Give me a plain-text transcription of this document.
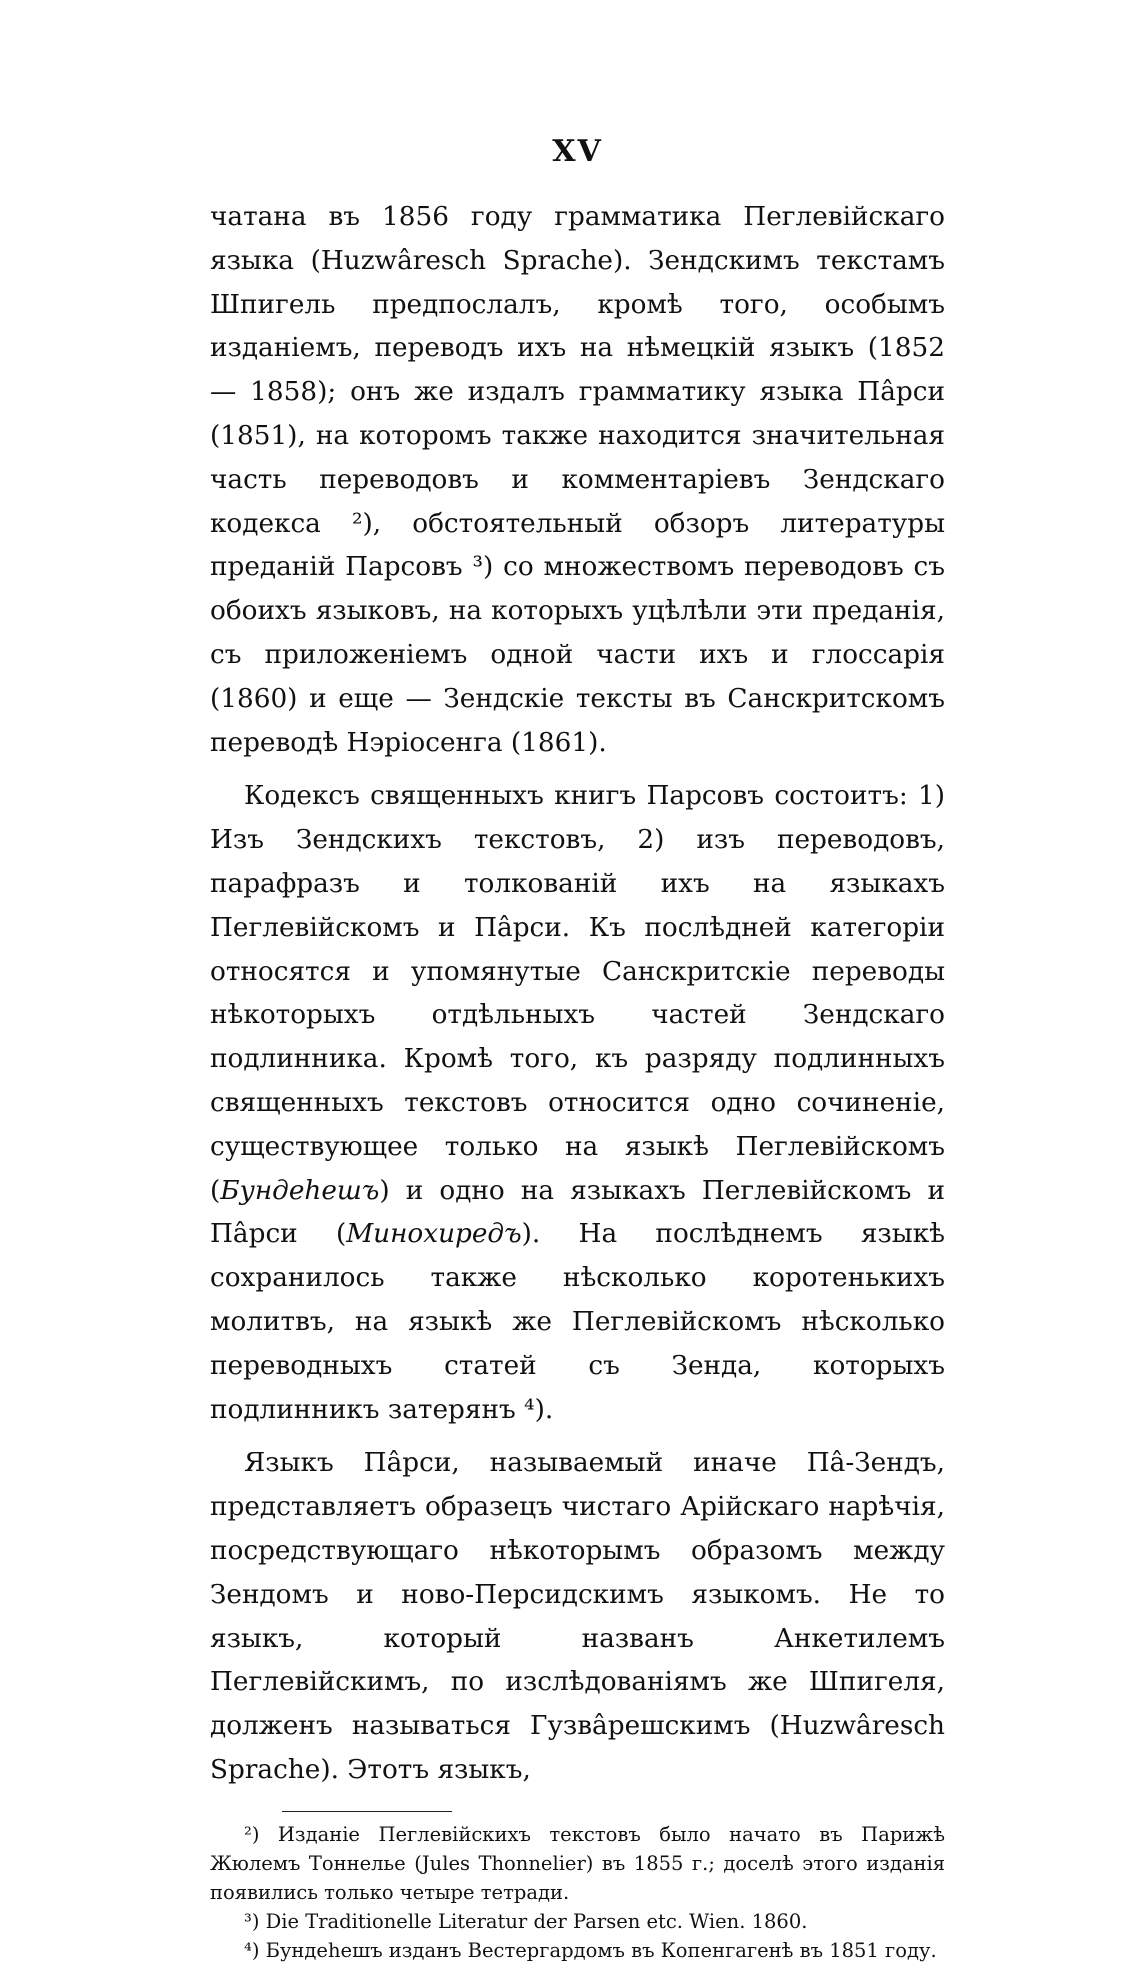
XV

чатана въ 1856 году грамматика Пеглевійскаго языка (Huzwâresch Sprache). Зендскимъ текстамъ Шпигель предпослалъ, кромѣ того, особымъ изданіемъ, переводъ ихъ на нѣмецкій языкъ (1852 — 1858); онъ же издалъ грамматику языка Пâрси (1851), на которомъ также находится значительная часть переводовъ и комментаріевъ Зендскаго кодекса ²), обстоятельный обзоръ литературы преданій Парсовъ ³) со множествомъ переводовъ съ обоихъ языковъ, на которыхъ уцѣлѣли эти преданія, съ приложеніемъ одной части ихъ и глоссарія (1860) и еще — Зендскіе тексты въ Санскритскомъ переводѣ Нэріосенга (1861).

Кодексъ священныхъ книгъ Парсовъ состоитъ: 1) Изъ Зендскихъ текстовъ, 2) изъ переводовъ, парафразъ и толкованій ихъ на языкахъ Пеглевійскомъ и Пâрси. Къ послѣдней категоріи относятся и упомянутые Санскритскіе переводы нѣкоторыхъ отдѣльныхъ частей Зендскаго подлинника. Кромѣ того, къ разряду подлинныхъ священныхъ текстовъ относится одно сочиненіе, существующее только на языкѣ Пеглевійскомъ (Бундеhешъ) и одно на языкахъ Пеглевійскомъ и Пâрси (Минохиредъ). На послѣднемъ языкѣ сохранилось также нѣсколько коротенькихъ молитвъ, на языкѣ же Пеглевійскомъ нѣсколько переводныхъ статей съ Зенда, которыхъ подлинникъ затерянъ ⁴).

Языкъ Пâрси, называемый иначе Пâ-Зендъ, представляетъ образецъ чистаго Арійскаго нарѣчія, посредствующаго нѣкоторымъ образомъ между Зендомъ и ново-Персидскимъ языкомъ. Не то языкъ, который названъ Анкетилемъ Пеглевійскимъ, по изслѣдованіямъ же Шпигеля, долженъ называться Гузвâрешскимъ (Huzwâresch Sprache). Этотъ языкъ,

²) Изданіе Пеглевійскихъ текстовъ было начато въ Парижѣ Жюлемъ Тоннелье (Jules Thonnelier) въ 1855 г.; доселѣ этого изданія появились только четыре тетради.

³) Die Traditionelle Literatur der Parsen etc. Wien. 1860.

⁴) Бундеhешъ изданъ Вестергардомъ въ Копенгагенѣ въ 1851 году.
